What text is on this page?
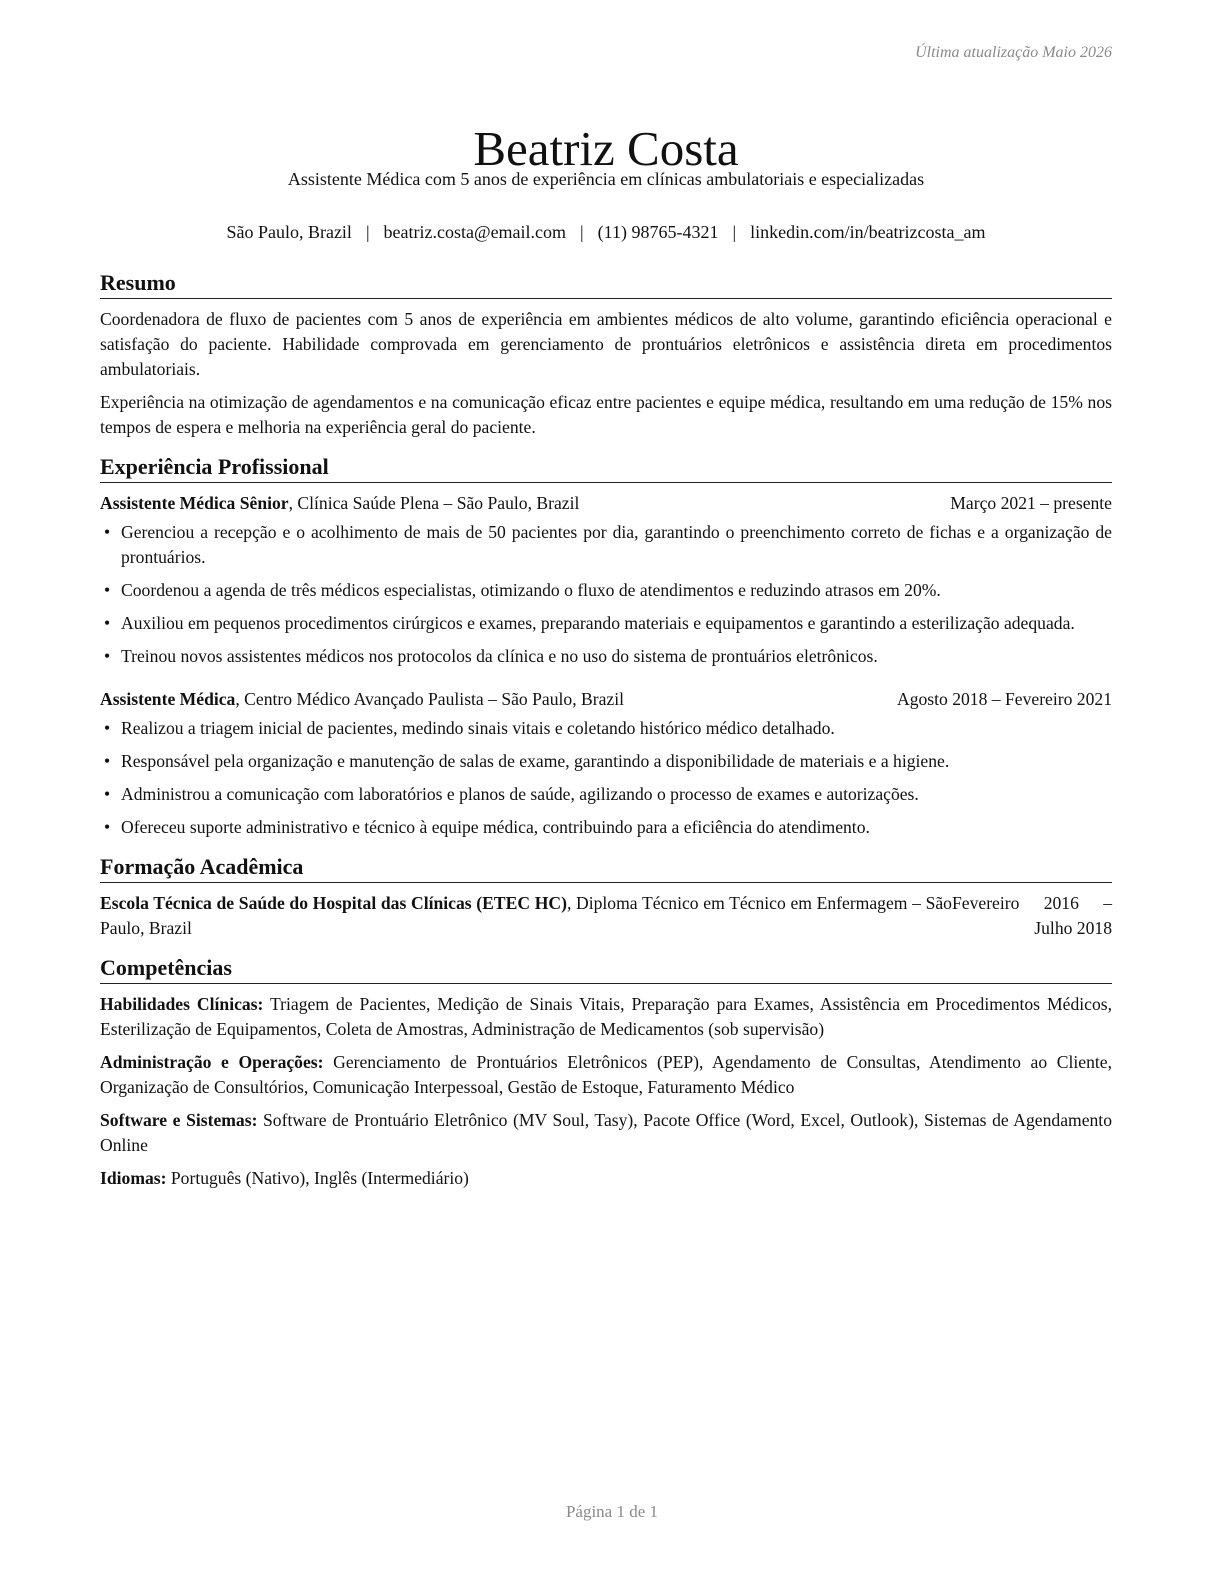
Última atualização Maio 2026
Beatriz Costa
Assistente Médica com 5 anos de experiência em clínicas ambulatoriais e especializadas
São Paulo, Brazil | beatriz.costa@email.com | (11) 98765-4321 | linkedin.com/in/beatrizcosta_am
Resumo

Coordenadora de fluxo de pacientes com 5 anos de experiência em ambientes médicos de alto volume, garantindo eficiência operacional e satisfação do paciente. Habilidade comprovada em gerenciamento de prontuários eletrônicos e assistência direta em procedimentos ambulatoriais.

Experiência na otimização de agendamentos e na comunicação eficaz entre pacientes e equipe médica, resultando em uma redução de 15% nos tempos de espera e melhoria na experiência geral do paciente.

Experiência Profissional
Assistente Médica Sênior, Clínica Saúde Plena – São Paulo, Brazil	Março 2021 – presente
• Gerenciou a recepção e o acolhimento de mais de 50 pacientes por dia, garantindo o preenchimento correto de fichas e a organização de prontuários.
• Coordenou a agenda de três médicos especialistas, otimizando o fluxo de atendimentos e reduzindo atrasos em 20%.
• Auxiliou em pequenos procedimentos cirúrgicos e exames, preparando materiais e equipamentos e garantindo a esterilização adequada.
• Treinou novos assistentes médicos nos protocolos da clínica e no uso do sistema de prontuários eletrônicos.
Assistente Médica, Centro Médico Avançado Paulista – São Paulo, Brazil	Agosto 2018 – Fevereiro 2021
• Realizou a triagem inicial de pacientes, medindo sinais vitais e coletando histórico médico detalhado.
• Responsável pela organização e manutenção de salas de exame, garantindo a disponibilidade de materiais e a higiene.
• Administrou a comunicação com laboratórios e planos de saúde, agilizando o processo de exames e autorizações.
• Ofereceu suporte administrativo e técnico à equipe médica, contribuindo para a eficiência do atendimento.
Formação Acadêmica
Escola Técnica de Saúde do Hospital das Clínicas (ETEC HC), Diploma Técnico em Técnico em Enfermagem – São Paulo, Brazil
Fevereiro 2016 – Julho 2018
Competências
Habilidades Clínicas: Triagem de Pacientes, Medição de Sinais Vitais, Preparação para Exames, Assistência em Procedimentos Médicos, Esterilização de Equipamentos, Coleta de Amostras, Administração de Medicamentos (sob supervisão)
Administração e Operações: Gerenciamento de Prontuários Eletrônicos (PEP), Agendamento de Consultas, Atendimento ao Cliente, Organização de Consultórios, Comunicação Interpessoal, Gestão de Estoque, Faturamento Médico
Software e Sistemas: Software de Prontuário Eletrônico (MV Soul, Tasy), Pacote Office (Word, Excel, Outlook), Sistemas de Agendamento Online
Idiomas: Português (Nativo), Inglês (Intermediário)
Página 1 de 1
